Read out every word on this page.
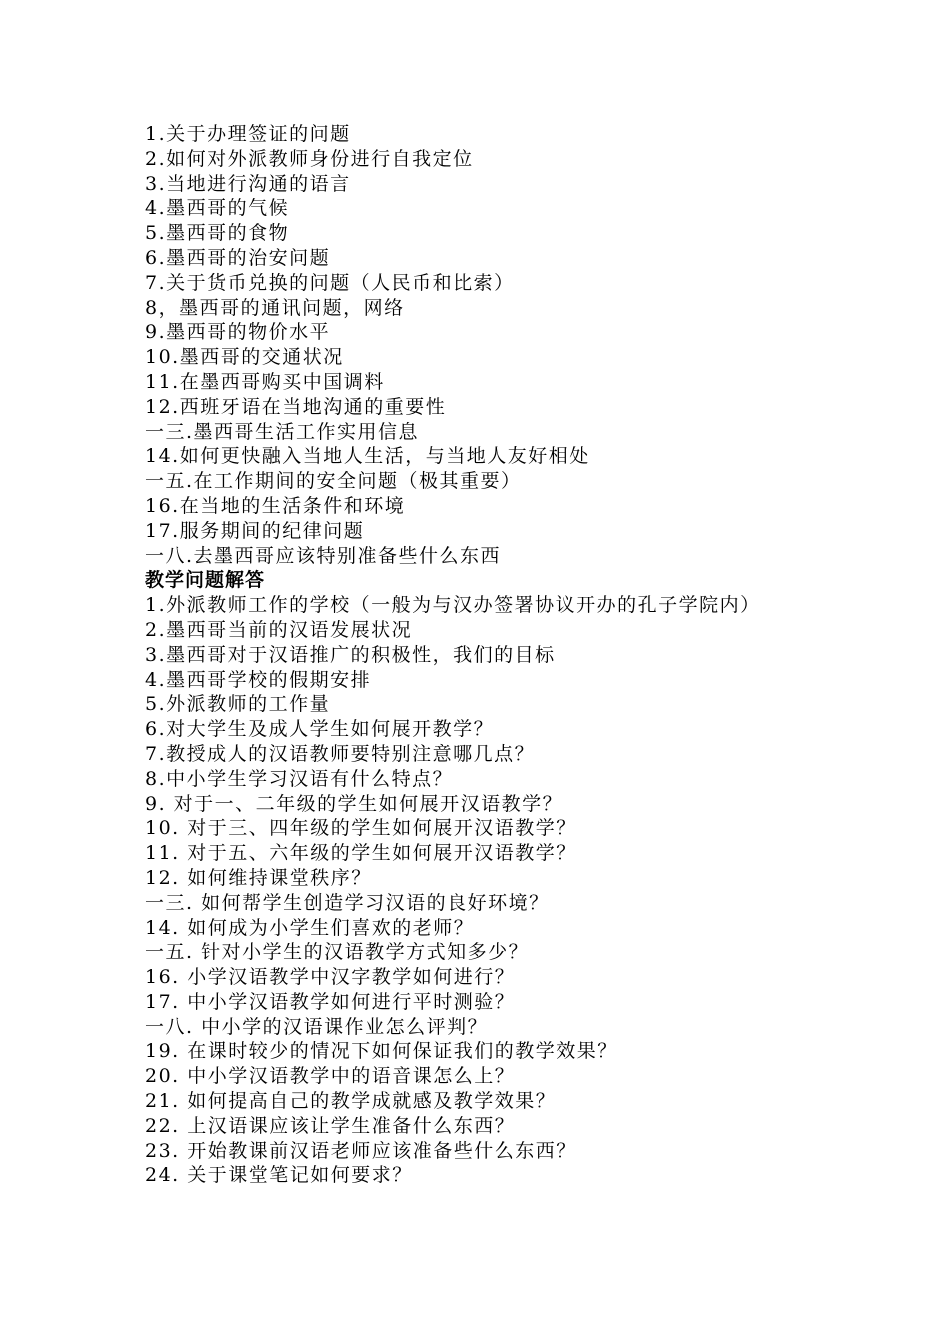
1.关于办理签证的问题
2.如何对外派教师身份进行自我定位
3.当地进行沟通的语言
4.墨西哥的气候
5.墨西哥的食物
6.墨西哥的治安问题
7.关于货币兑换的问题（人民币和比索）
8，墨西哥的通讯问题，网络
9.墨西哥的物价水平
10.墨西哥的交通状况
11.在墨西哥购买中国调料
12.西班牙语在当地沟通的重要性
一三.墨西哥生活工作实用信息
14.如何更快融入当地人生活，与当地人友好相处
一五.在工作期间的安全问题（极其重要）
16.在当地的生活条件和环境
17.服务期间的纪律问题
一八.去墨西哥应该特别准备些什么东西
教学问题解答
1.外派教师工作的学校（一般为与汉办签署协议开办的孔子学院内）
2.墨西哥当前的汉语发展状况
3.墨西哥对于汉语推广的积极性，我们的目标
4.墨西哥学校的假期安排
5.外派教师的工作量
6.对大学生及成人学生如何展开教学？
7.教授成人的汉语教师要特别注意哪几点？
8.中小学生学习汉语有什么特点？
9. 对于一、二年级的学生如何展开汉语教学？
10. 对于三、四年级的学生如何展开汉语教学？
11. 对于五、六年级的学生如何展开汉语教学？
12. 如何维持课堂秩序？
一三. 如何帮学生创造学习汉语的良好环境？
14. 如何成为小学生们喜欢的老师？
一五. 针对小学生的汉语教学方式知多少？
16. 小学汉语教学中汉字教学如何进行？
17. 中小学汉语教学如何进行平时测验？
一八. 中小学的汉语课作业怎么评判？
19. 在课时较少的情况下如何保证我们的教学效果？
20. 中小学汉语教学中的语音课怎么上？
21. 如何提高自己的教学成就感及教学效果？
22. 上汉语课应该让学生准备什么东西？
23. 开始教课前汉语老师应该准备些什么东西？
24. 关于课堂笔记如何要求？
